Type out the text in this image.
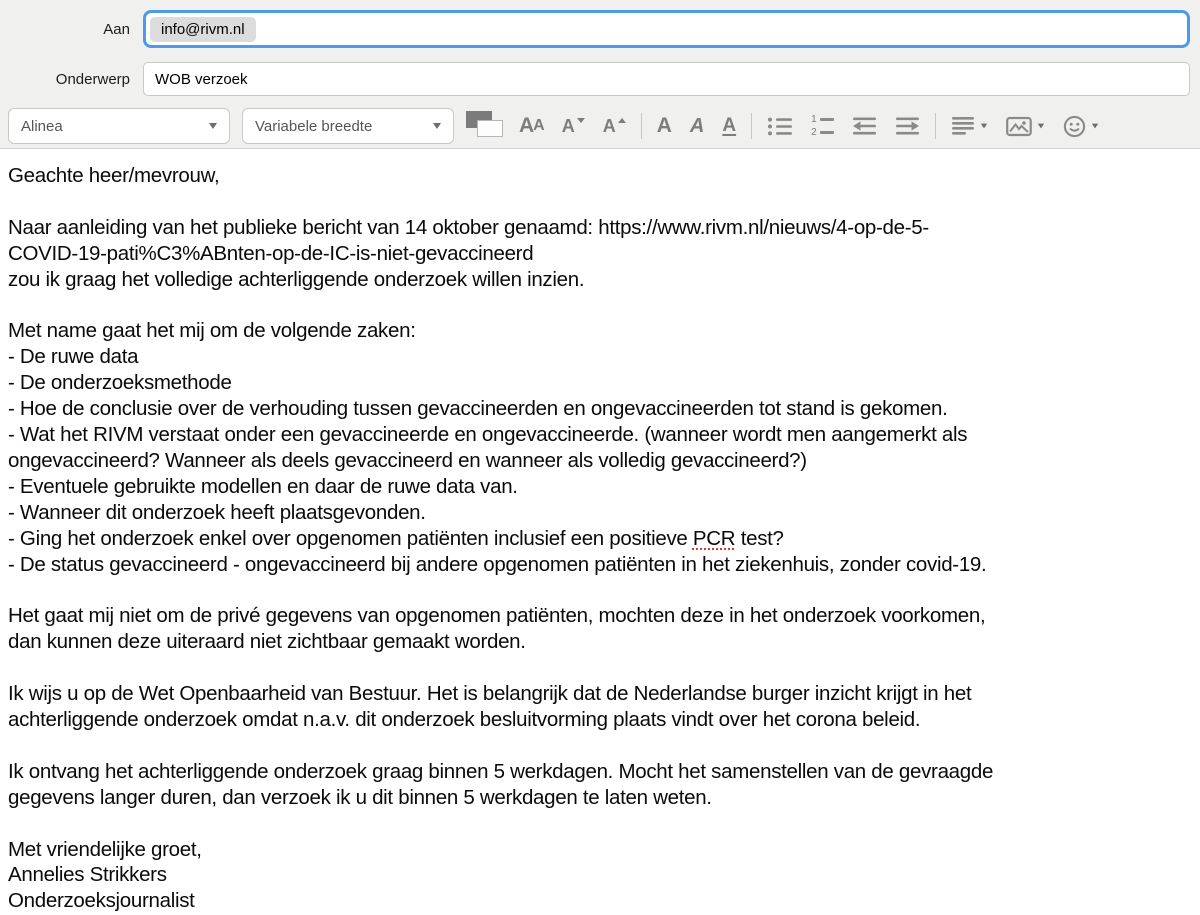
Aan	info@rivm.nl
Onderwerp
WOB verzoek
Alinea	Variabele breedte	A A A A A A A	1
2
Geachte heer/mevrouw,

Naar aanleiding van het publieke bericht van 14 oktober genaamd: https://www.rivm.nl/nieuws/4-op-de-5-
COVID-19-pati%C3%ABnten-op-de-IC-is-niet-gevaccineerd
zou ik graag het volledige achterliggende onderzoek willen inzien.

Met name gaat het mij om de volgende zaken:
- De ruwe data
- De onderzoeksmethode
- Hoe de conclusie over de verhouding tussen gevaccineerden en ongevaccineerden tot stand is gekomen.
- Wat het RIVM verstaat onder een gevaccineerde en ongevaccineerde. (wanneer wordt men aangemerkt als
ongevaccineerd? Wanneer als deels gevaccineerd en wanneer als volledig gevaccineerd?)
- Eventuele gebruikte modellen en daar de ruwe data van.
- Wanneer dit onderzoek heeft plaatsgevonden.
- Ging het onderzoek enkel over opgenomen patiënten inclusief een positieve PCR test?
- De status gevaccineerd - ongevaccineerd bij andere opgenomen patiënten in het ziekenhuis, zonder covid-19.

Het gaat mij niet om de privé gegevens van opgenomen patiënten, mochten deze in het onderzoek voorkomen,
dan kunnen deze uiteraard niet zichtbaar gemaakt worden.

Ik wijs u op de Wet Openbaarheid van Bestuur. Het is belangrijk dat de Nederlandse burger inzicht krijgt in het
achterliggende onderzoek omdat n.a.v. dit onderzoek besluitvorming plaats vindt over het corona beleid.

Ik ontvang het achterliggende onderzoek graag binnen 5 werkdagen. Mocht het samenstellen van de gevraagde
gegevens langer duren, dan verzoek ik u dit binnen 5 werkdagen te laten weten.

Met vriendelijke groet,
Annelies Strikkers
Onderzoeksjournalist
